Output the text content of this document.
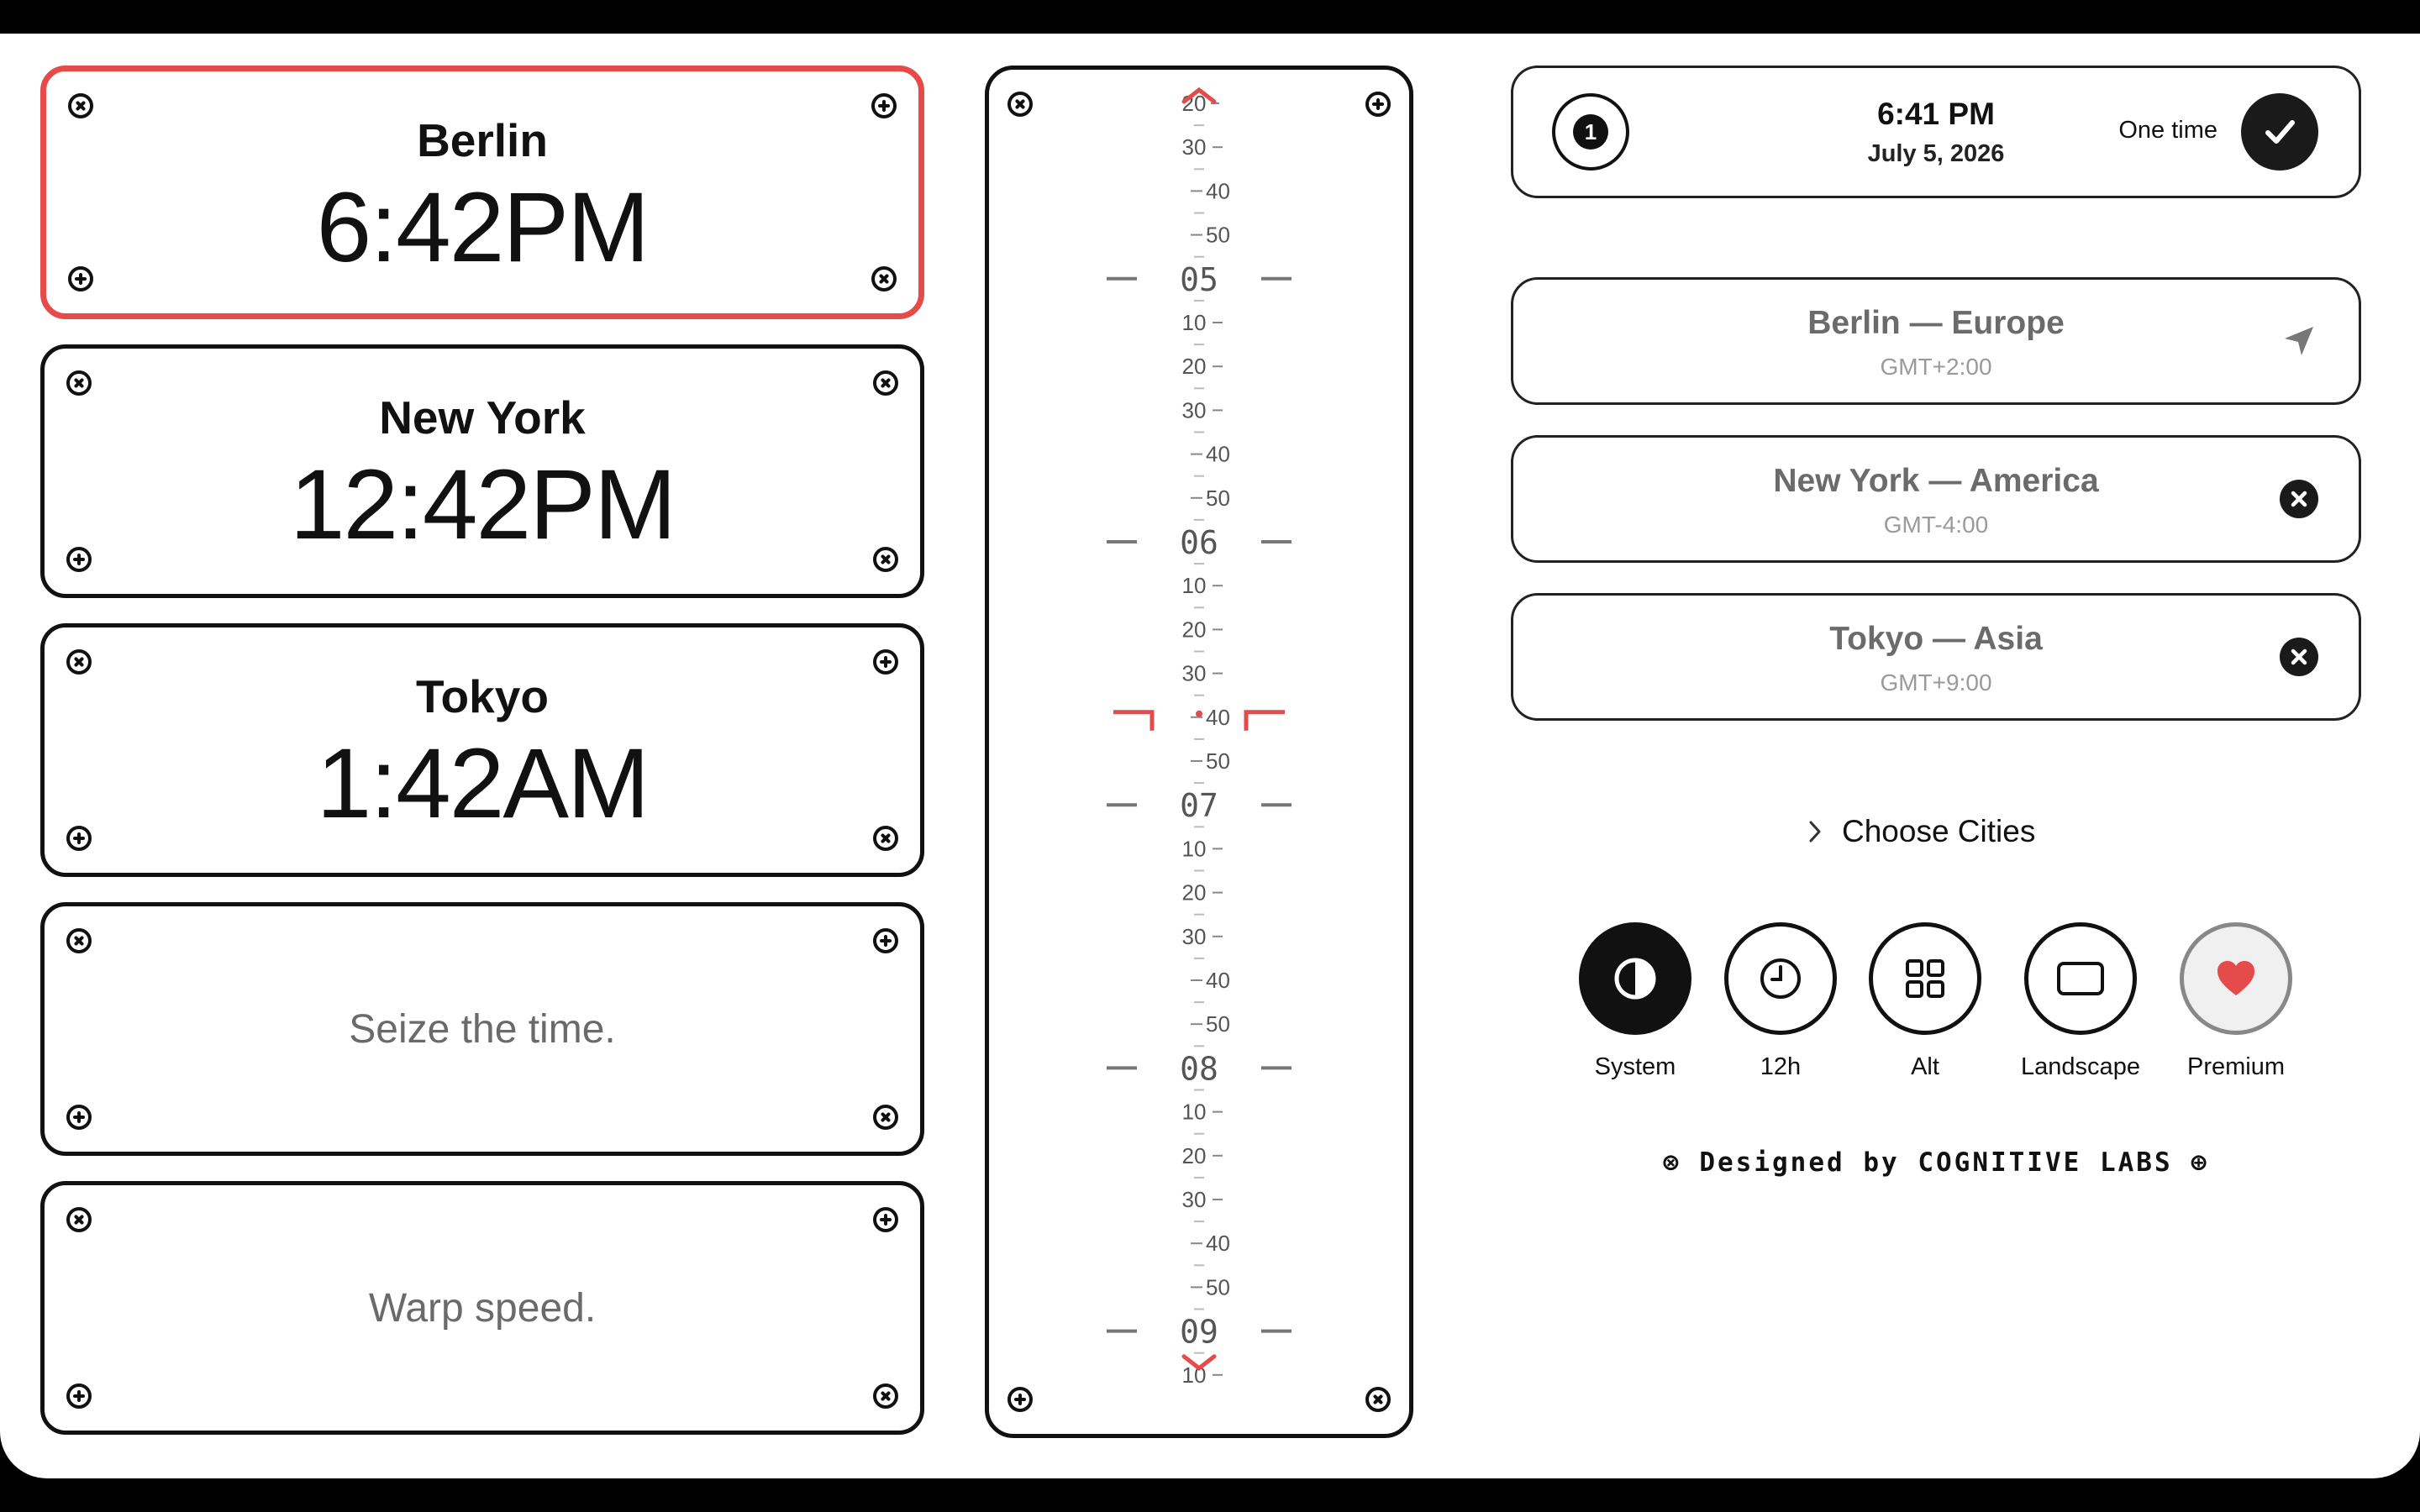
Berlin
6:42PM
New York
12:42PM
Tokyo
1:42AM
Seize the time.
Warp speed.
20
30
40
50
05
10
20
30
40
50
06
10
20
30
40
50
07
10
20
30
40
50
08
10
20
30
40
50
09
10
1
6:41 PM
July 5, 2026
One time
Berlin — Europe
GMT+2:00
New York — America
GMT-4:00
Tokyo — Asia
GMT+9:00
Choose Cities
System	12h	Alt	Landscape	Premium
⊗ Designed by COGNITIVE LABS ⊕
